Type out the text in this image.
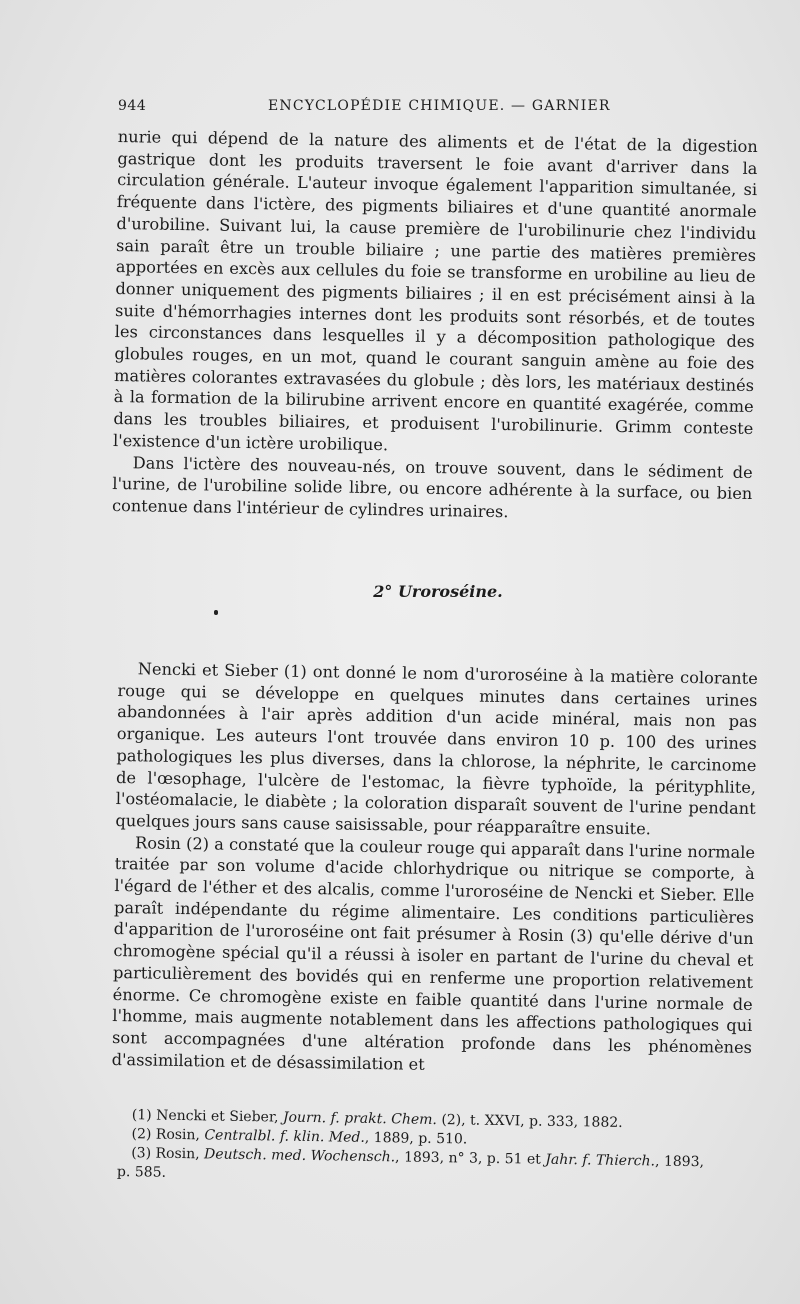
944	ENCYCLOPÉDIE CHIMIQUE. — GARNIER

nurie qui dépend de la nature des aliments et de l'état de la digestion gastrique dont les produits traversent le foie avant d'arriver dans la circulation générale. L'auteur invoque également l'apparition simultanée, si fréquente dans l'ictère, des pigments biliaires et d'une quantité anormale d'urobiline. Suivant lui, la cause première de l'urobilinurie chez l'individu sain paraît être un trouble biliaire ; une partie des matières premières apportées en excès aux cellules du foie se transforme en urobiline au lieu de donner uniquement des pigments biliaires ; il en est précisément ainsi à la suite d'hémorrhagies internes dont les produits sont résorbés, et de toutes les circonstances dans lesquelles il y a décomposition pathologique des globules rouges, en un mot, quand le courant sanguin amène au foie des matières colorantes extravasées du globule ; dès lors, les matériaux destinés à la formation de la bilirubine arrivent encore en quantité exagérée, comme dans les troubles biliaires, et produisent l'urobilinurie. Grimm conteste l'existence d'un ictère urobilique.

Dans l'ictère des nouveau-nés, on trouve souvent, dans le sédiment de l'urine, de l'urobiline solide libre, ou encore adhérente à la surface, ou bien contenue dans l'intérieur de cylindres urinaires.

2° Uroroséine.

Nencki et Sieber (1) ont donné le nom d'uroroséine à la matière colorante rouge qui se développe en quelques minutes dans certaines urines abandonnées à l'air après addition d'un acide minéral, mais non pas organique. Les auteurs l'ont trouvée dans environ 10 p. 100 des urines pathologiques les plus diverses, dans la chlorose, la néphrite, le carcinome de l'œsophage, l'ulcère de l'estomac, la fièvre typhoïde, la pérityphlite, l'ostéomalacie, le diabète ; la coloration disparaît souvent de l'urine pendant quelques jours sans cause saisissable, pour réapparaître ensuite.

Rosin (2) a constaté que la couleur rouge qui apparaît dans l'urine normale traitée par son volume d'acide chlorhydrique ou nitrique se comporte, à l'égard de l'éther et des alcalis, comme l'uroroséine de Nencki et Sieber. Elle paraît indépendante du régime alimentaire. Les conditions particulières d'apparition de l'uroroséine ont fait présumer à Rosin (3) qu'elle dérive d'un chromogène spécial qu'il a réussi à isoler en partant de l'urine du cheval et particulièrement des bovidés qui en renferme une proportion relativement énorme. Ce chromogène existe en faible quantité dans l'urine normale de l'homme, mais augmente notablement dans les affections pathologiques qui sont accompagnées d'une altération profonde dans les phénomènes d'assimilation et de désassimilation et

(1) Nencki et Sieber, Journ. f. prakt. Chem. (2), t. XXVI, p. 333, 1882.

(2) Rosin, Centralbl. f. klin. Med., 1889, p. 510.

(3) Rosin, Deutsch. med. Wochensch., 1893, n° 3, p. 51 et Jahr. f. Thierch., 1893,

p. 585.
